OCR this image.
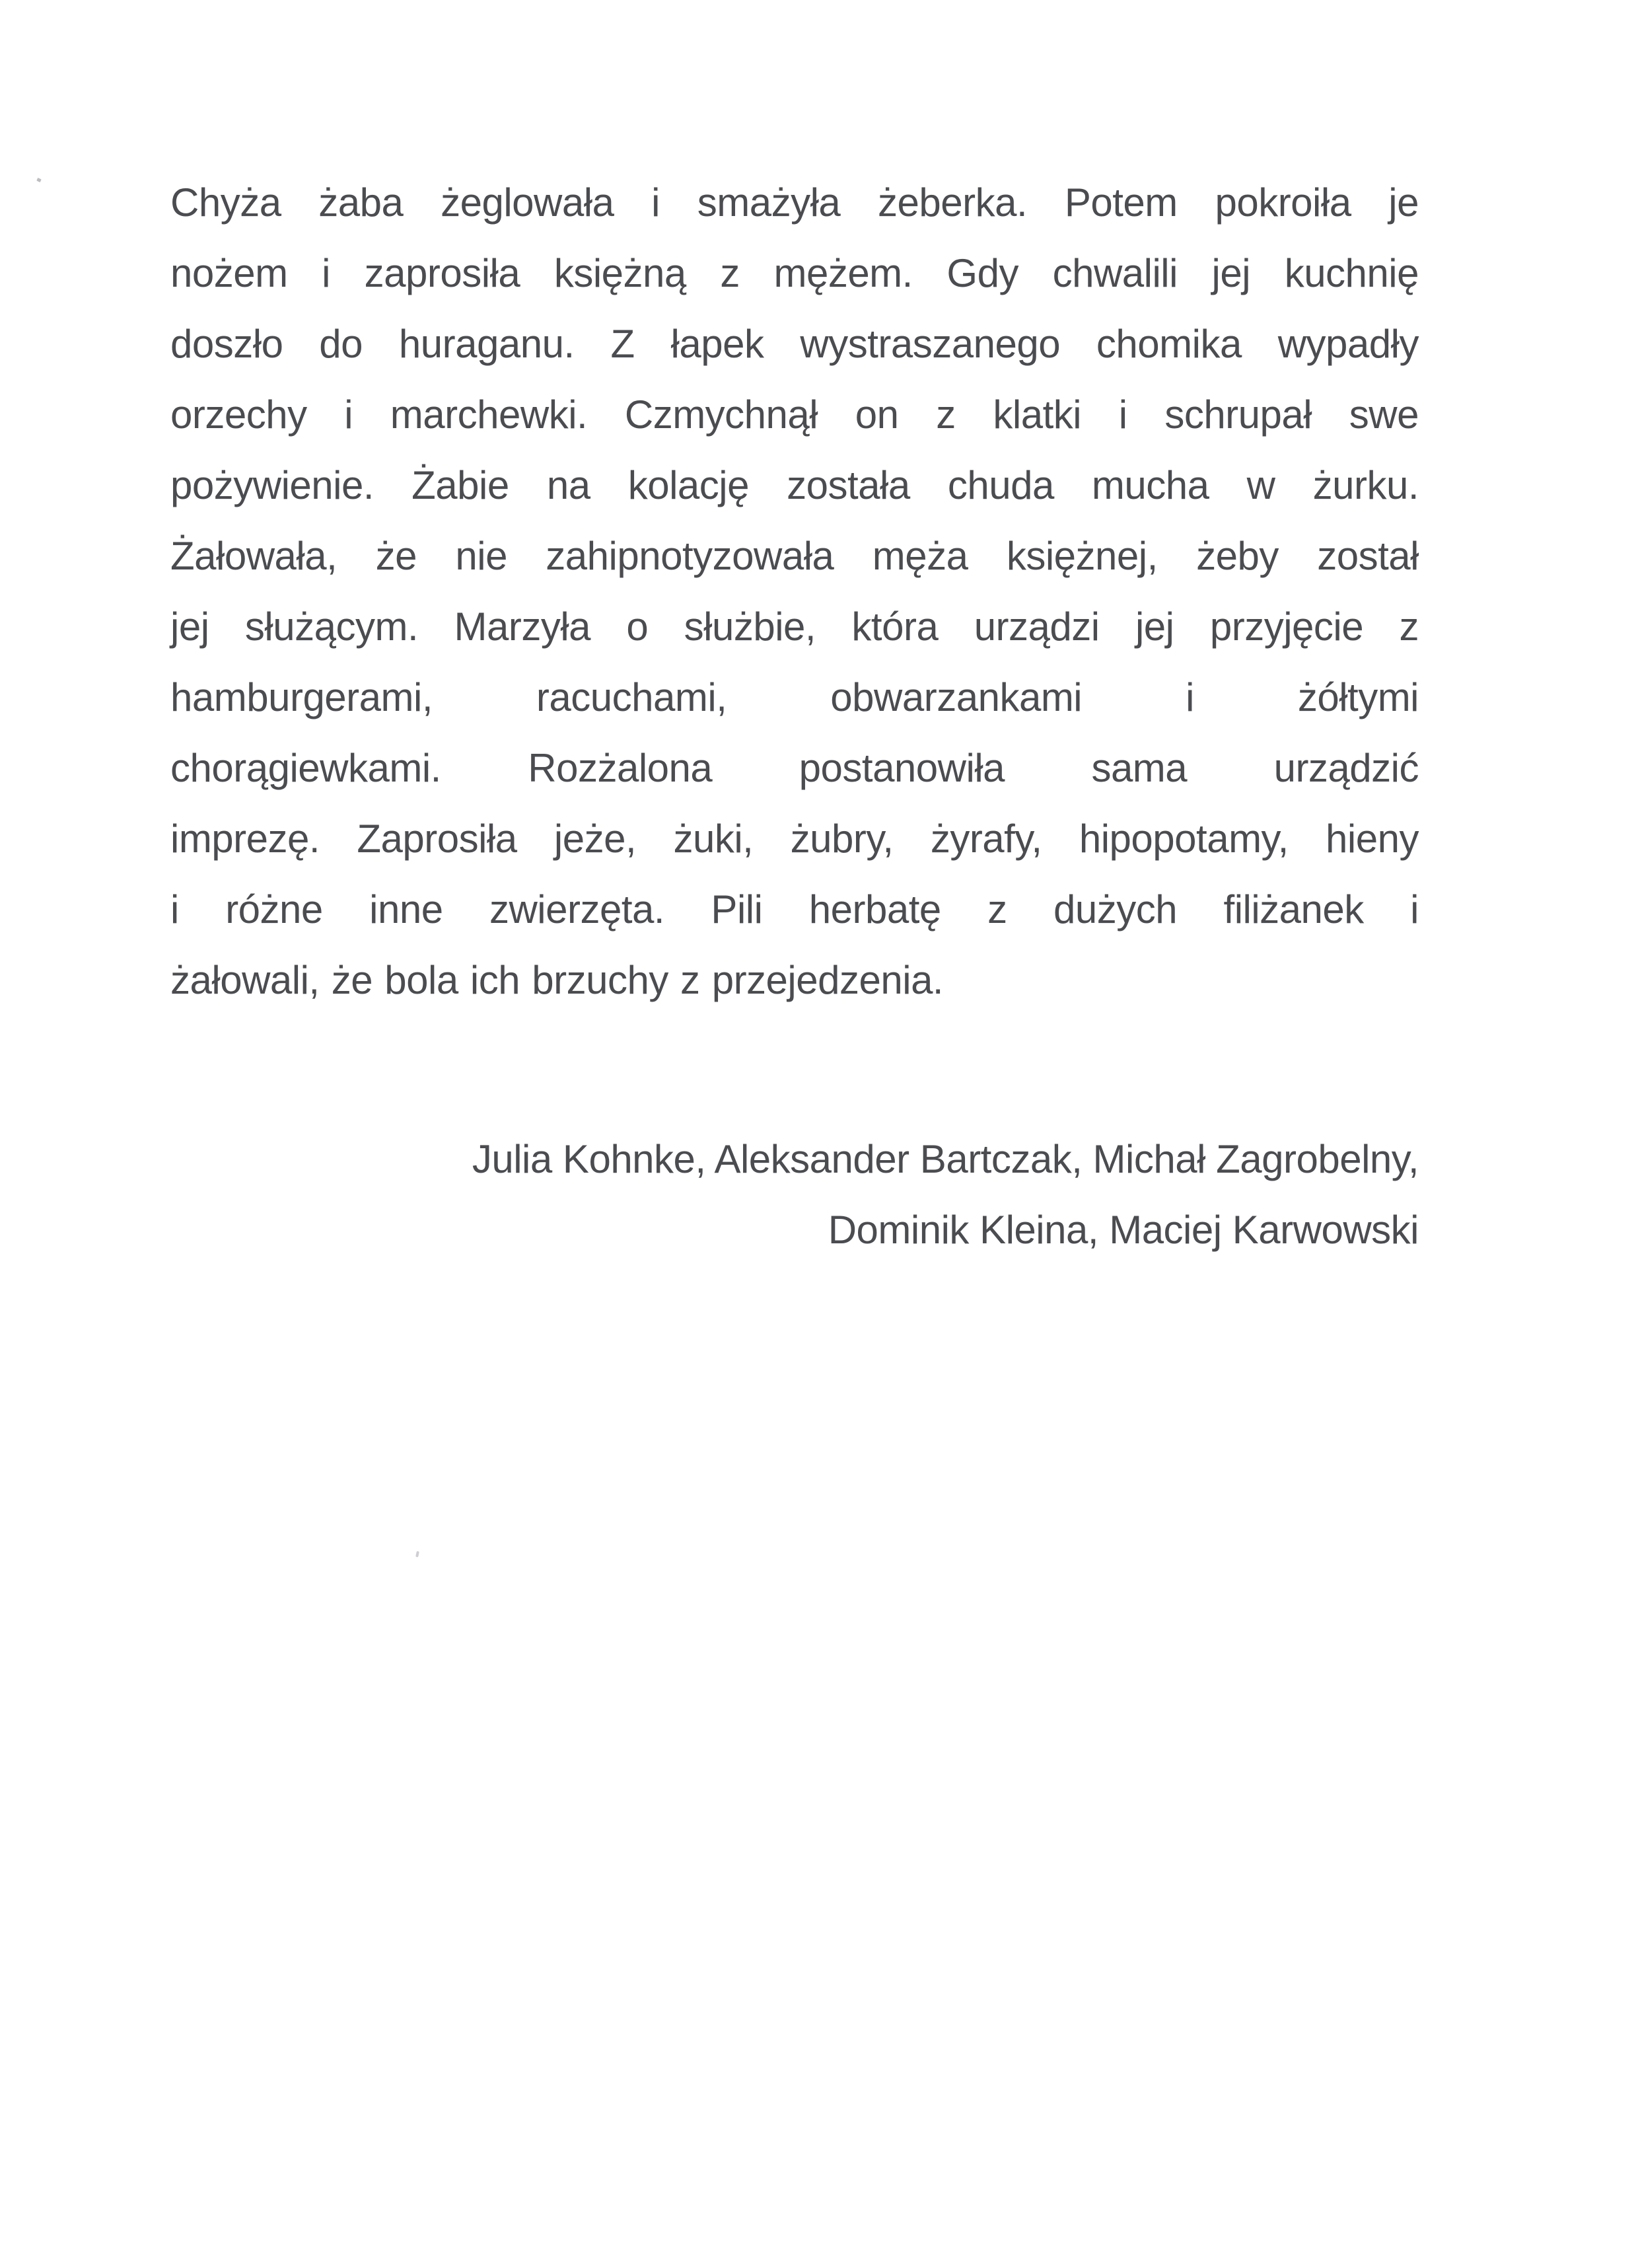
Chyża żaba żeglowała i smażyła żeberka. Potem pokroiła je
nożem i zaprosiła księżną z mężem. Gdy chwalili jej kuchnię
doszło do huraganu. Z łapek wystraszanego chomika wypadły
orzechy i marchewki. Czmychnął on z klatki i schrupał swe
pożywienie. Żabie na kolację została chuda mucha w żurku.
Żałowała, że nie zahipnotyzowała męża księżnej, żeby został
jej służącym. Marzyła o służbie, która urządzi jej przyjęcie z
hamburgerami, racuchami, obwarzankami i żółtymi
chorągiewkami. Rozżalona postanowiła sama urządzić
imprezę. Zaprosiła jeże, żuki, żubry, żyrafy, hipopotamy, hieny
i różne inne zwierzęta. Pili herbatę z dużych filiżanek i
żałowali, że bola ich brzuchy z przejedzenia.
Julia Kohnke, Aleksander Bartczak, Michał Zagrobelny,
Dominik Kleina, Maciej Karwowski
